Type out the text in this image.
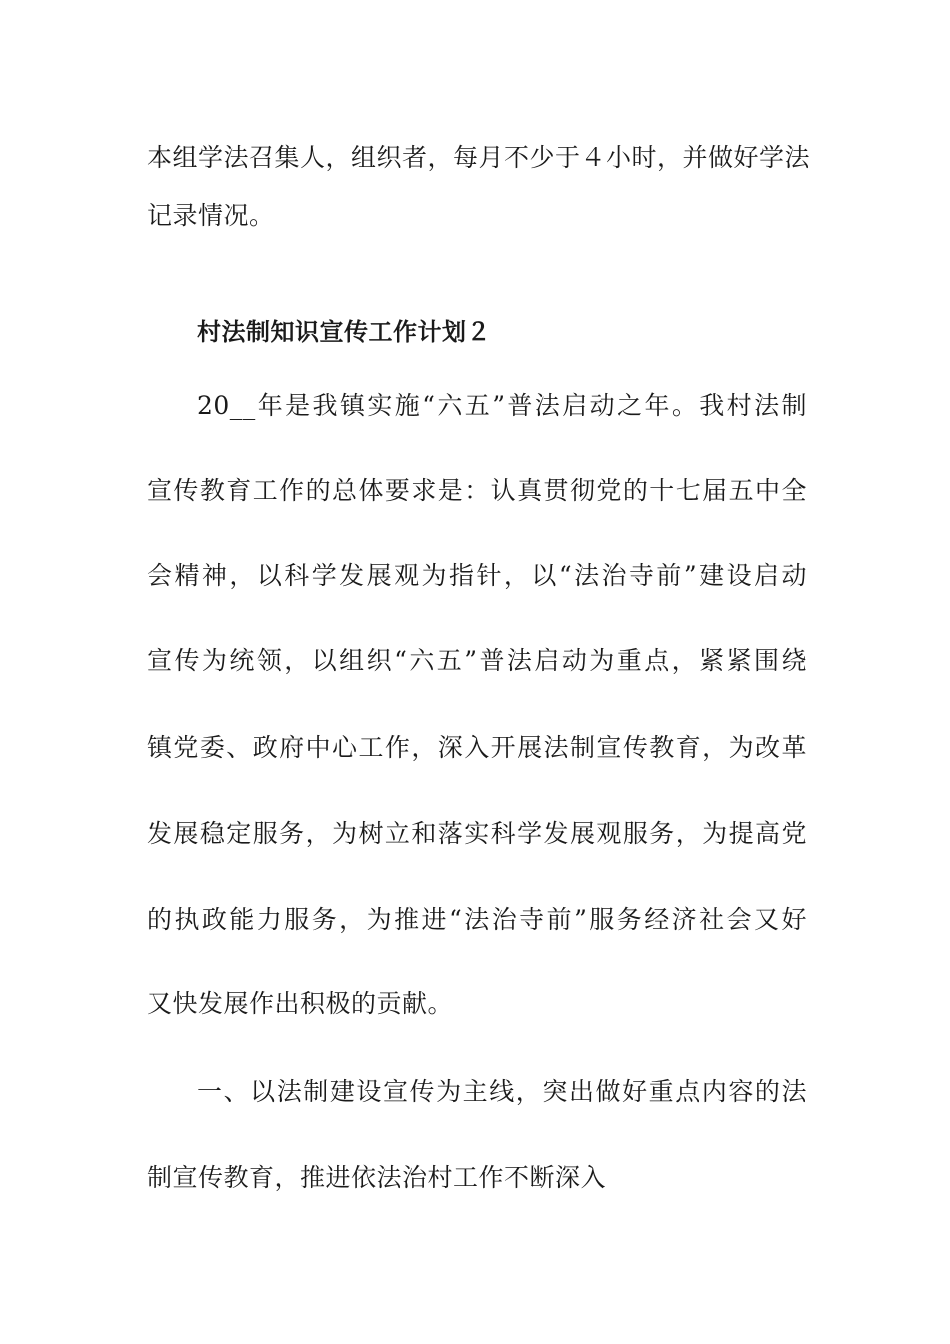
本组学法召集人，组织者，每月不少于４小时，并做好学法
记录情况。
村法制知识宣传工作计划２
20__年是我镇实施“六五”普法启动之年。我村法制
宣传教育工作的总体要求是：认真贯彻党的十七届五中全
会精神，以科学发展观为指针，以“法治寺前”建设启动
宣传为统领，以组织“六五”普法启动为重点，紧紧围绕
镇党委、政府中心工作，深入开展法制宣传教育，为改革
发展稳定服务，为树立和落实科学发展观服务，为提高党
的执政能力服务，为推进“法治寺前”服务经济社会又好
又快发展作出积极的贡献。
一、以法制建设宣传为主线，突出做好重点内容的法
制宣传教育，推进依法治村工作不断深入
